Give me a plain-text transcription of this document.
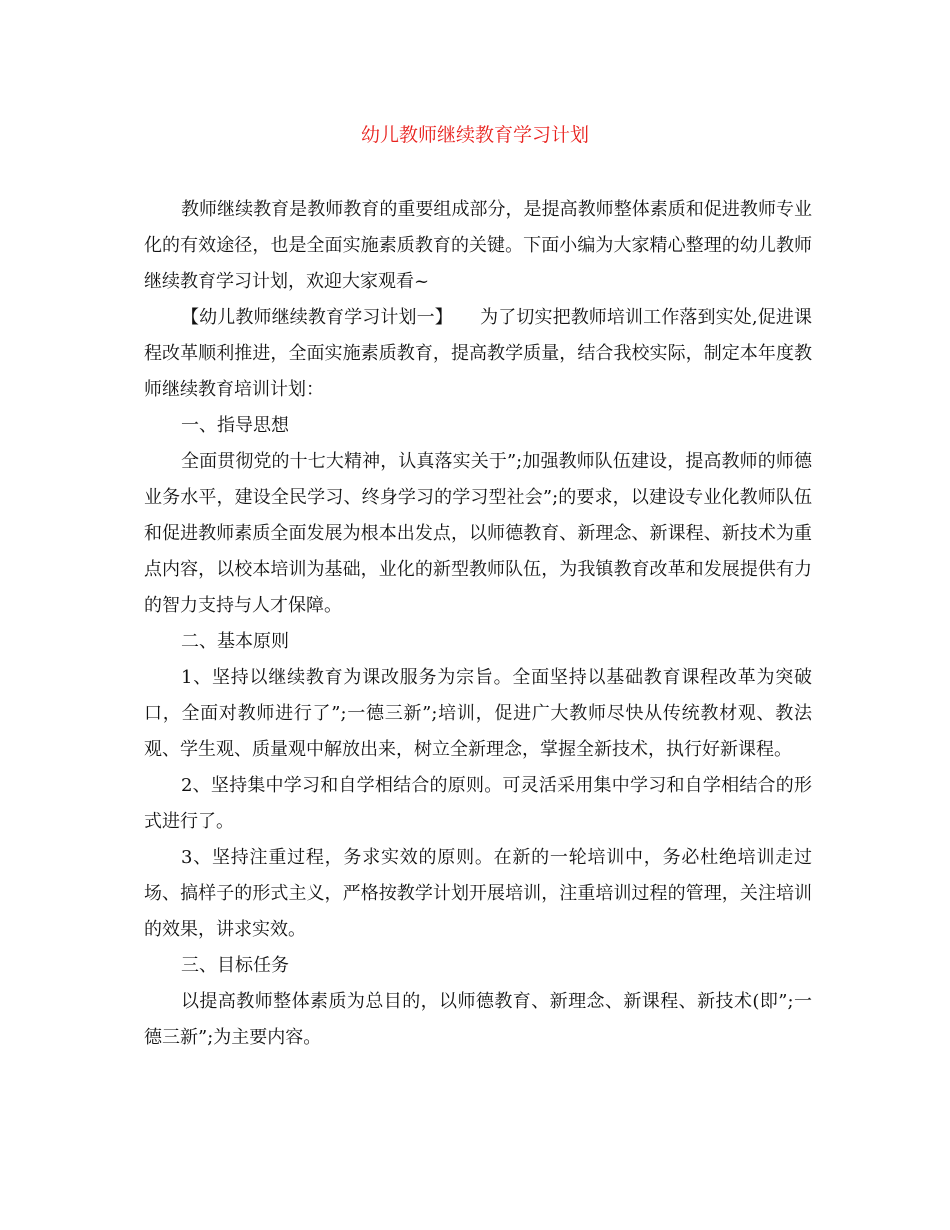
幼儿教师继续教育学习计划

教师继续教育是教师教育的重要组成部分，是提高教师整体素质和促进教师专业化的有效途径，也是全面实施素质教育的关键。下面小编为大家精心整理的幼儿教师继续教育学习计划，欢迎大家观看~

【幼儿教师继续教育学习计划一】　　为了切实把教师培训工作落到实处,促进课程改革顺利推进，全面实施素质教育，提高教学质量，结合我校实际，制定本年度教师继续教育培训计划：

一、指导思想

全面贯彻党的十七大精神，认真落实关于”;加强教师队伍建设，提高教师的师德业务水平，建设全民学习、终身学习的学习型社会”;的要求，以建设专业化教师队伍和促进教师素质全面发展为根本出发点，以师德教育、新理念、新课程、新技术为重点内容，以校本培训为基础，业化的新型教师队伍，为我镇教育改革和发展提供有力的智力支持与人才保障。

二、基本原则

1、坚持以继续教育为课改服务为宗旨。全面坚持以基础教育课程改革为突破口，全面对教师进行了”;一德三新”;培训，促进广大教师尽快从传统教材观、教法观、学生观、质量观中解放出来，树立全新理念，掌握全新技术，执行好新课程。

2、坚持集中学习和自学相结合的原则。可灵活采用集中学习和自学相结合的形式进行了。

3、坚持注重过程，务求实效的原则。在新的一轮培训中，务必杜绝培训走过场、搞样子的形式主义，严格按教学计划开展培训，注重培训过程的管理，关注培训的效果，讲求实效。

三、目标任务

以提高教师整体素质为总目的，以师德教育、新理念、新课程、新技术(即”;一德三新”;为主要内容。
